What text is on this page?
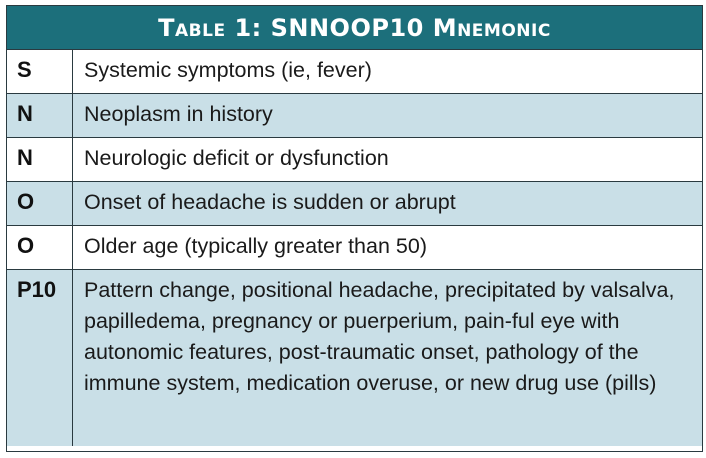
Table 1: SNNOOP10 Mnemonic
S	Systemic symptoms (ie, fever)
N	Neoplasm in history
N	Neurologic deficit or dysfunction
O	Onset of headache is sudden or abrupt
O	Older age (typically greater than 50)
P10	Pattern change, positional headache, precipitated by valsalva, papilledema, pregnancy or puerperium, pain-ful eye with autonomic features, post-traumatic onset, pathology of the immune system, medication overuse, or new drug use (pills)
